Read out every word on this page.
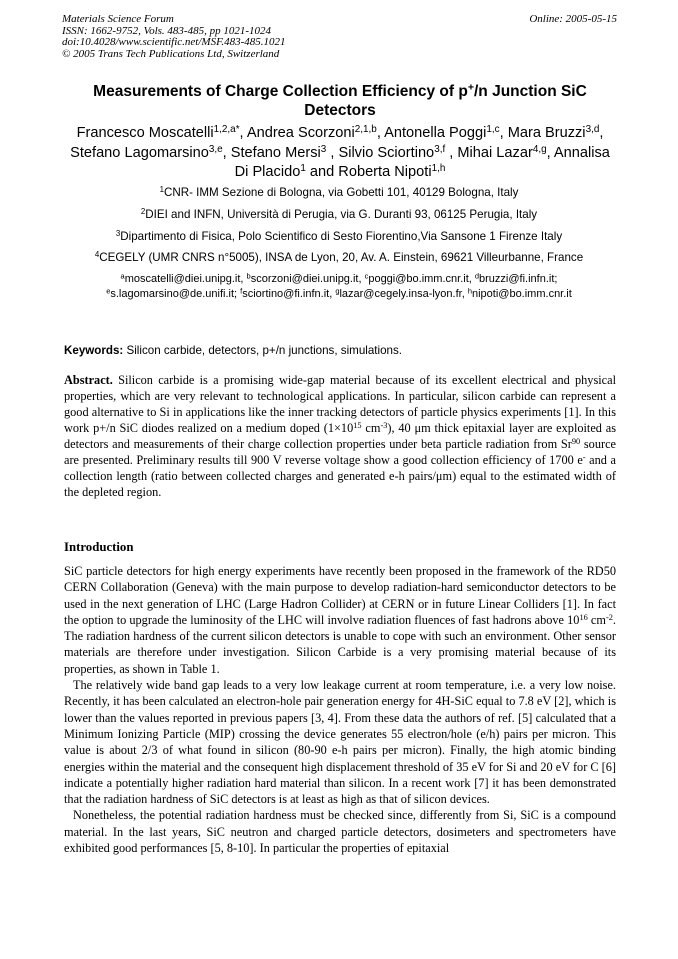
Materials Science Forum
ISSN: 1662-9752, Vols. 483-485, pp 1021-1024
doi:10.4028/www.scientific.net/MSF.483-485.1021
© 2005 Trans Tech Publications Ltd, Switzerland
Online: 2005-05-15
Measurements of Charge Collection Efficiency of p+/n Junction SiC Detectors
Francesco Moscatelli$^{1,2,a*}$, Andrea Scorzoni$^{2,1,b}$, Antonella Poggi$^{1,c}$, Mara Bruzzi$^{3,d}$, Stefano Lagomarsino$^{3,e}$, Stefano Mersi$^3$ , Silvio Sciortino$^{3,f}$ , Mihai Lazar$^{4,g}$, Annalisa Di Placido$^1$ and Roberta Nipoti$^{1,h}$
$^1$CNR- IMM Sezione di Bologna, via Gobetti 101, 40129 Bologna, Italy
$^2$DIEI and INFN, Università di Perugia, via G. Duranti 93, 06125 Perugia, Italy
$^3$Dipartimento di Fisica, Polo Scientifico di Sesto Fiorentino,Via Sansone 1 Firenze Italy
$^4$CEGELY (UMR CNRS n°5005), INSA de Lyon, 20, Av. A. Einstein, 69621 Villeurbanne, France
$^a$moscatelli@diei.unipg.it, $^b$scorzoni@diei.unipg.it, $^c$poggi@bo.imm.cnr.it, $^d$bruzzi@fi.infn.it;
$^e$s.lagomarsino@de.unifi.it; $^f$sciortino@fi.infn.it, $^g$lazar@cegely.insa-lyon.fr, $^h$nipoti@bo.imm.cnr.it
Keywords: Silicon carbide, detectors, p+/n junctions, simulations.
Abstract. Silicon carbide is a promising wide-gap material because of its excellent electrical and physical properties, which are very relevant to technological applications. In particular, silicon carbide can represent a good alternative to Si in applications like the inner tracking detectors of particle physics experiments [1]. In this work p+/n SiC diodes realized on a medium doped ($1\times 10^{15}$ $cm^{-3}$), 40 μm thick epitaxial layer are exploited as detectors and measurements of their charge collection properties under beta particle radiation from Sr$^{90}$ source are presented. Preliminary results till 900 V reverse voltage show a good collection efficiency of 1700 e- and a collection length (ratio between collected charges and generated e-h pairs/μm) equal to the estimated width of the depleted region.
Introduction

SiC particle detectors for high energy experiments have recently been proposed in the framework of the RD50 CERN Collaboration (Geneva) with the main purpose to develop radiation-hard semiconductor detectors to be used in the next generation of LHC (Large Hadron Collider) at CERN or in future Linear Colliders [1]. In fact the option to upgrade the luminosity of the LHC will involve radiation fluences of fast hadrons above $10^{16}$ $cm^{-2}$. The radiation hardness of the current silicon detectors is unable to cope with such an environment. Other sensor materials are therefore under investigation. Silicon Carbide is a very promising material because of its properties, as shown in Table 1.

The relatively wide band gap leads to a very low leakage current at room temperature, i.e. a very low noise. Recently, it has been calculated an electron-hole pair generation energy for 4H-SiC equal to 7.8 eV [2], which is lower than the values reported in previous papers [3, 4]. From these data the authors of ref. [5] calculated that a Minimum Ionizing Particle (MIP) crossing the device generates 55 electron/hole (e/h) pairs per micron. This value is about 2/3 of what found in silicon (80-90 e-h pairs per micron). Finally, the high atomic binding energies within the material and the consequent high displacement threshold of 35 eV for Si and 20 eV for C [6] indicate a potentially higher radiation hard material than silicon. In a recent work [7] it has been demonstrated that the radiation hardness of SiC detectors is at least as high as that of silicon devices.

Nonetheless, the potential radiation hardness must be checked since, differently from Si, SiC is a compound material. In the last years, SiC neutron and charged particle detectors, dosimeters and spectrometers have exhibited good performances [5, 8-10]. In particular the properties of epitaxial
